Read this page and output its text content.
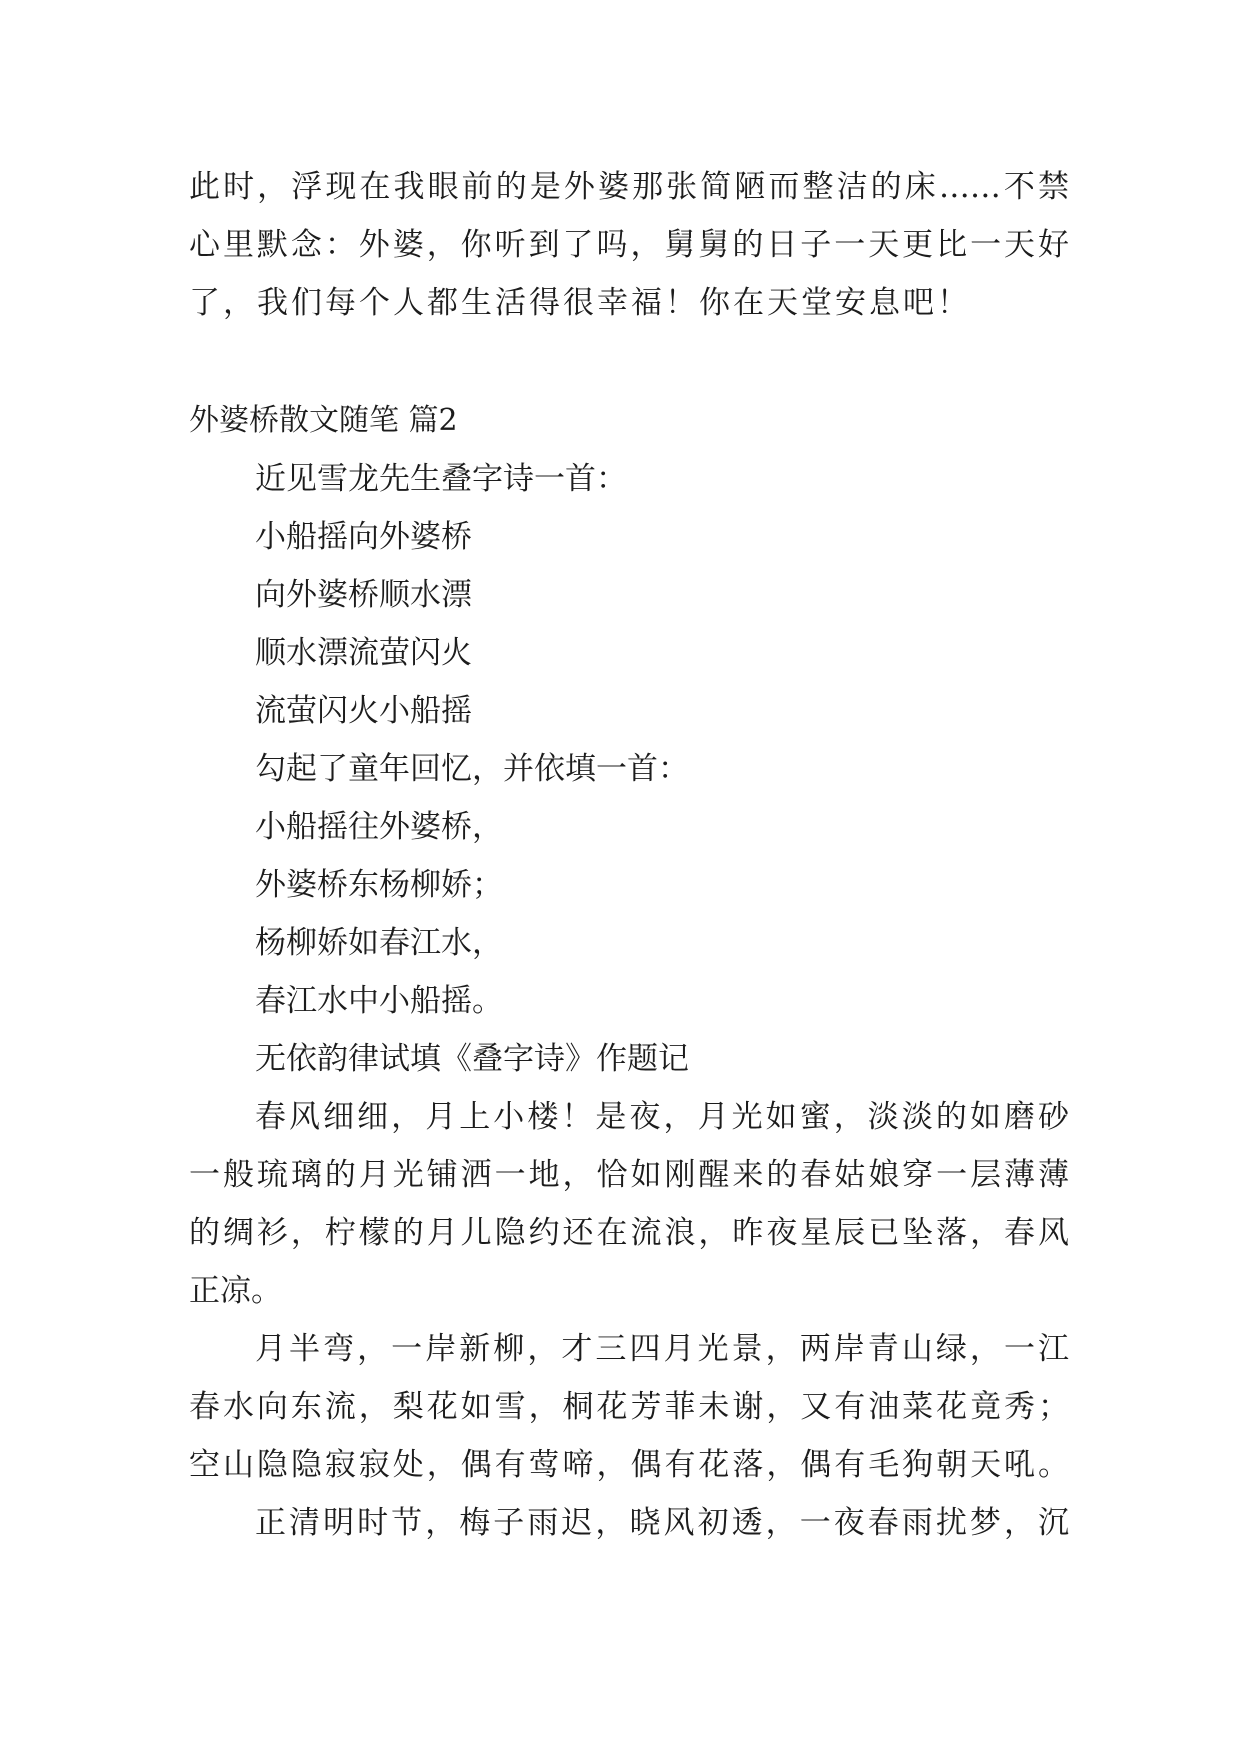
此时，浮现在我眼前的是外婆那张简陋而整洁的床……不禁
心里默念：外婆，你听到了吗，舅舅的日子一天更比一天好
了，我们每个人都生活得很幸福！你在天堂安息吧！
外婆桥散文随笔 篇2
近见雪龙先生叠字诗一首：
小船摇向外婆桥
向外婆桥顺水漂
顺水漂流萤闪火
流萤闪火小船摇
勾起了童年回忆，并依填一首：
小船摇往外婆桥，
外婆桥东杨柳娇；
杨柳娇如春江水，
春江水中小船摇。
无依韵律试填《叠字诗》作题记
春风细细，月上小楼！是夜，月光如蜜，淡淡的如磨砂
一般琉璃的月光铺洒一地，恰如刚醒来的春姑娘穿一层薄薄
的绸衫，柠檬的月儿隐约还在流浪，昨夜星辰已坠落，春风
正凉。
月半弯，一岸新柳，才三四月光景，两岸青山绿，一江
春水向东流，梨花如雪，桐花芳菲未谢，又有油菜花竟秀；
空山隐隐寂寂处，偶有莺啼，偶有花落，偶有毛狗朝天吼。
正清明时节，梅子雨迟，晓风初透，一夜春雨扰梦，沉
